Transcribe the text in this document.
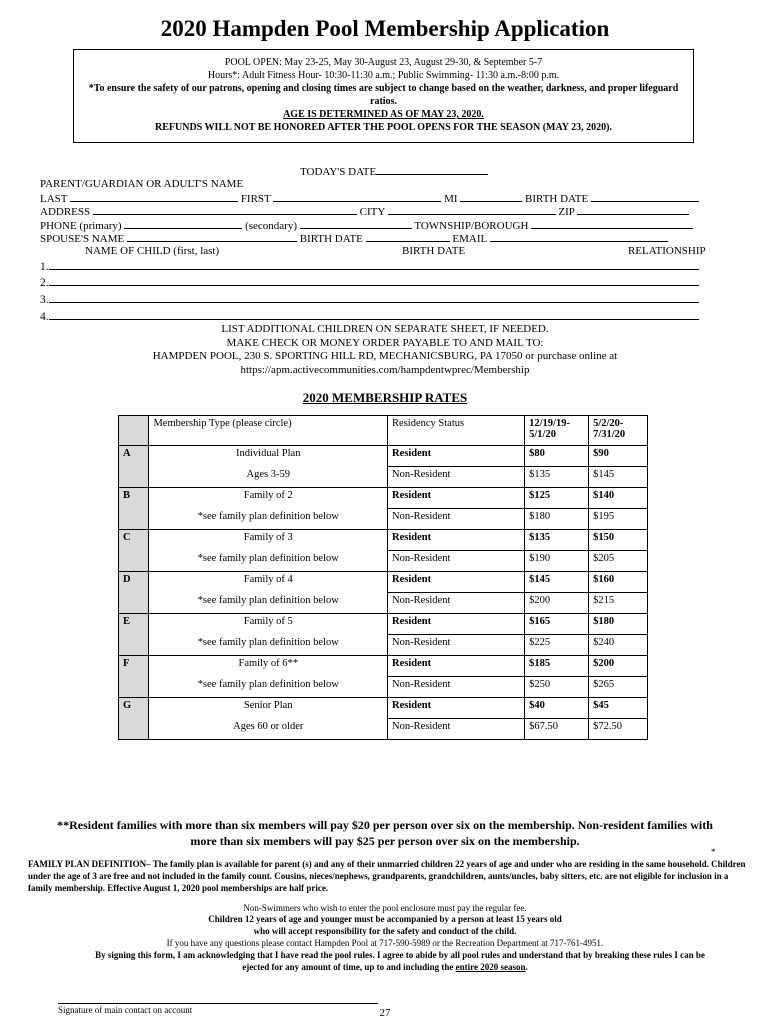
2020 Hampden Pool Membership Application
POOL OPEN: May 23-25, May 30-August 23, August 29-30, & September 5-7
Hours*: Adult Fitness Hour- 10:30-11:30 a.m.; Public Swimming- 11:30 a.m.-8:00 p.m.
*To ensure the safety of our patrons, opening and closing times are subject to change based on the weather, darkness, and proper lifeguard ratios.
AGE IS DETERMINED AS OF MAY 23, 2020.
REFUNDS WILL NOT BE HONORED AFTER THE POOL OPENS FOR THE SEASON (MAY 23, 2020).
TODAY'S DATE
PARENT/GUARDIAN OR ADULT'S NAME
LAST	FIRST	MI	BIRTH DATE
ADDRESS	CITY	ZIP
PHONE (primary)	(secondary)	TOWNSHIP/BOROUGH
SPOUSE'S NAME	BIRTH DATE	EMAIL
NAME OF CHILD (first, last)	BIRTH DATE	RELATIONSHIP
1.
2.
3.
4.
LIST ADDITIONAL CHILDREN ON SEPARATE SHEET, IF NEEDED.
MAKE CHECK OR MONEY ORDER PAYABLE TO AND MAIL TO:
HAMPDEN POOL, 230 S. SPORTING HILL RD, MECHANICSBURG, PA 17050 or purchase online at
https://apm.activecommunities.com/hampdentwprec/Membership
2020 MEMBERSHIP RATES
	Membership Type (please circle)	Residency Status	12/19/19-
5/1/20	5/2/20-
7/31/20
A	Individual Plan	Resident	$80	$90
	Ages 3-59	Non-Resident	$135	$145
B	Family of 2	Resident	$125	$140
	*see family plan definition below	Non-Resident	$180	$195
C	Family of 3	Resident	$135	$150
	*see family plan definition below	Non-Resident	$190	$205
D	Family of 4	Resident	$145	$160
	*see family plan definition below	Non-Resident	$200	$215
E	Family of 5	Resident	$165	$180
	*see family plan definition below	Non-Resident	$225	$240
F	Family of 6**	Resident	$185	$200
	*see family plan definition below	Non-Resident	$250	$265
G	Senior Plan	Resident	$40	$45
	Ages 60 or older	Non-Resident	$67.50	$72.50
**Resident families with more than six members will pay $20 per person over six on the membership. Non-resident families with more than six members will pay $25 per person over six on the membership.
*
FAMILY PLAN DEFINITION– The family plan is available for parent (s) and any of their unmarried children 22 years of age and under who are residing in the same household. Children under the age of 3 are free and not included in the family count. Cousins, nieces/nephews, grandparents, grandchildren, aunts/uncles, baby sitters, etc. are not eligible for inclusion in a family membership. Effective August 1, 2020 pool memberships are half price.
Non-Swimmers who wish to enter the pool enclosure must pay the regular fee.
Children 12 years of age and younger must be accompanied by a person at least 15 years old
who will accept responsibility for the safety and conduct of the child.
If you have any questions please contact Hampden Pool at 717-590-5989 or the Recreation Department at 717-761-4951.
By signing this form, I am acknowledging that I have read the pool rules. I agree to abide by all pool rules and understand that by breaking these rules I can be
ejected for any amount of time, up to and including the entire 2020 season.
Signature of main contact on account	27
